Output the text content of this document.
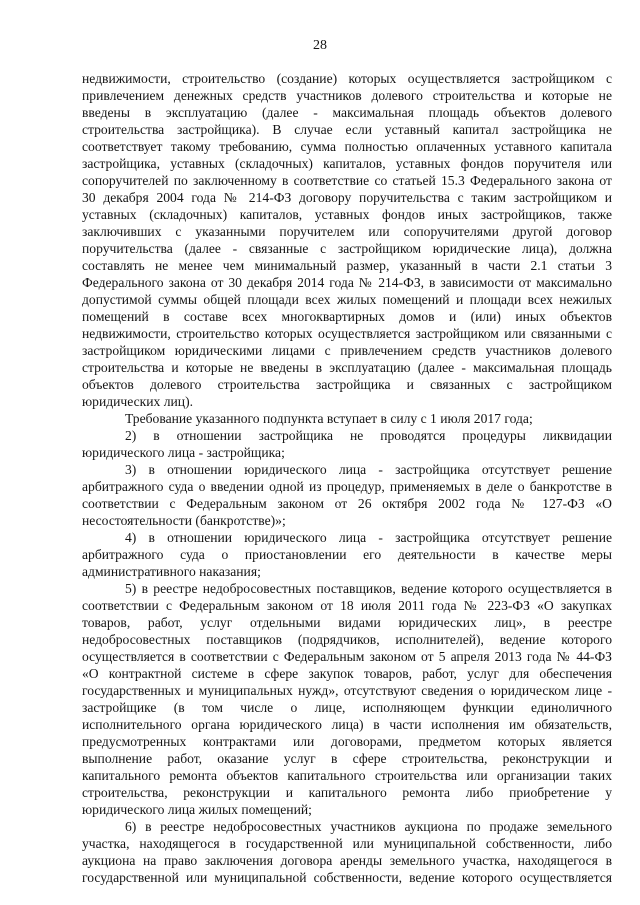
28
недвижимости, строительство (создание) которых осуществляется застройщиком с
привлечением денежных средств участников долевого строительства и которые не
введены в эксплуатацию (далее - максимальная площадь объектов долевого
строительства застройщика). В случае если уставный капитал застройщика не
соответствует такому требованию, сумма полностью оплаченных уставного капитала
застройщика, уставных (складочных) капиталов, уставных фондов поручителя или
сопоручителей по заключенному в соответствие со статьей 15.3 Федерального закона от
30 декабря 2004 года № 214-ФЗ договору поручительства с таким застройщиком и
уставных (складочных) капиталов, уставных фондов иных застройщиков, также
заключивших с указанными поручителем или сопоручителями другой договор
поручительства (далее - связанные с застройщиком юридические лица), должна
составлять не менее чем минимальный размер, указанный в части 2.1 статьи 3
Федерального закона от 30 декабря 2014 года № 214-ФЗ, в зависимости от максимально
допустимой суммы общей площади всех жилых помещений и площади всех нежилых
помещений в составе всех многоквартирных домов и (или) иных объектов
недвижимости, строительство которых осуществляется застройщиком или связанными с
застройщиком юридическими лицами с привлечением средств участников долевого
строительства и которые не введены в эксплуатацию (далее - максимальная площадь
объектов долевого строительства застройщика и связанных с застройщиком
юридических лиц).
Требование указанного подпункта вступает в силу с 1 июля 2017 года;
2) в отношении застройщика не проводятся процедуры ликвидации
юридического лица - застройщика;
3) в отношении юридического лица - застройщика отсутствует решение
арбитражного суда о введении одной из процедур, применяемых в деле о банкротстве в
соответствии с Федеральным законом от 26 октября 2002 года № 127-ФЗ «О
несостоятельности (банкротстве)»;
4) в отношении юридического лица - застройщика отсутствует решение
арбитражного суда о приостановлении его деятельности в качестве меры
административного наказания;
5) в реестре недобросовестных поставщиков, ведение которого осуществляется в
соответствии с Федеральным законом от 18 июля 2011 года № 223-ФЗ «О закупках
товаров, работ, услуг отдельными видами юридических лиц», в реестре
недобросовестных поставщиков (подрядчиков, исполнителей), ведение которого
осуществляется в соответствии с Федеральным законом от 5 апреля 2013 года № 44-ФЗ
«О контрактной системе в сфере закупок товаров, работ, услуг для обеспечения
государственных и муниципальных нужд», отсутствуют сведения о юридическом лице -
застройщике (в том числе о лице, исполняющем функции единоличного
исполнительного органа юридического лица) в части исполнения им обязательств,
предусмотренных контрактами или договорами, предметом которых является
выполнение работ, оказание услуг в сфере строительства, реконструкции и
капитального ремонта объектов капитального строительства или организации таких
строительства, реконструкции и капитального ремонта либо приобретение у
юридического лица жилых помещений;
6) в реестре недобросовестных участников аукциона по продаже земельного
участка, находящегося в государственной или муниципальной собственности, либо
аукциона на право заключения договора аренды земельного участка, находящегося в
государственной или муниципальной собственности, ведение которого осуществляется
